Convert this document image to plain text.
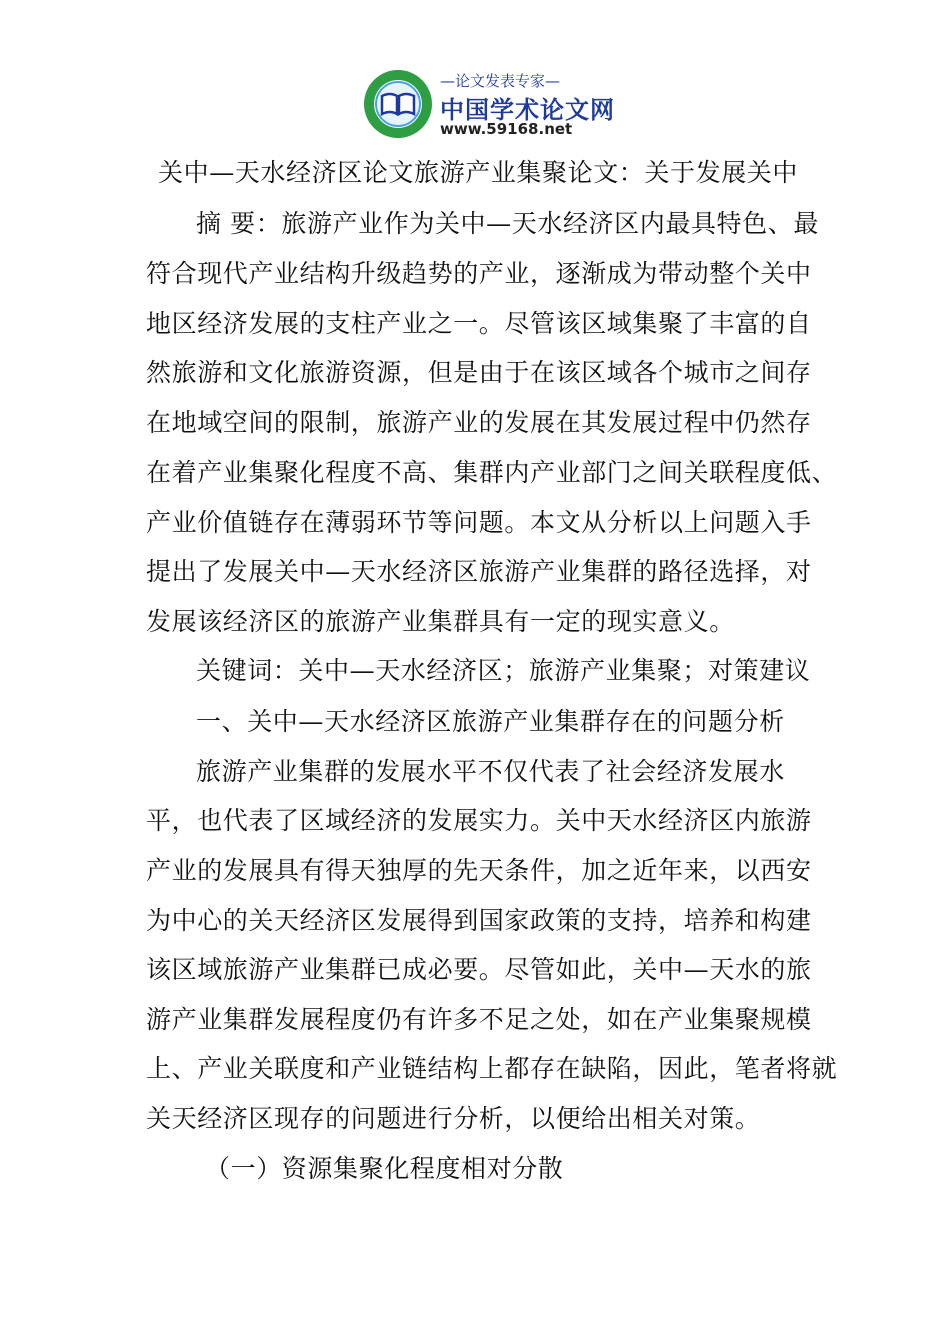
—论文发表专家—
中国学术论文网
www.59168.net
关中—天水经济区论文旅游产业集聚论文：关于发展关中
摘 要：旅游产业作为关中—天水经济区内最具特色、最
符合现代产业结构升级趋势的产业，逐渐成为带动整个关中
地区经济发展的支柱产业之一。尽管该区域集聚了丰富的自
然旅游和文化旅游资源，但是由于在该区域各个城市之间存
在地域空间的限制，旅游产业的发展在其发展过程中仍然存
在着产业集聚化程度不高、集群内产业部门之间关联程度低、
产业价值链存在薄弱环节等问题。本文从分析以上问题入手
提出了发展关中—天水经济区旅游产业集群的路径选择，对
发展该经济区的旅游产业集群具有一定的现实意义。
关键词：关中—天水经济区；旅游产业集聚；对策建议
一、关中—天水经济区旅游产业集群存在的问题分析
旅游产业集群的发展水平不仅代表了社会经济发展水
平，也代表了区域经济的发展实力。关中天水经济区内旅游
产业的发展具有得天独厚的先天条件，加之近年来，以西安
为中心的关天经济区发展得到国家政策的支持，培养和构建
该区域旅游产业集群已成必要。尽管如此，关中—天水的旅
游产业集群发展程度仍有许多不足之处，如在产业集聚规模
上、产业关联度和产业链结构上都存在缺陷，因此，笔者将就
关天经济区现存的问题进行分析，以便给出相关对策。
（一）资源集聚化程度相对分散
